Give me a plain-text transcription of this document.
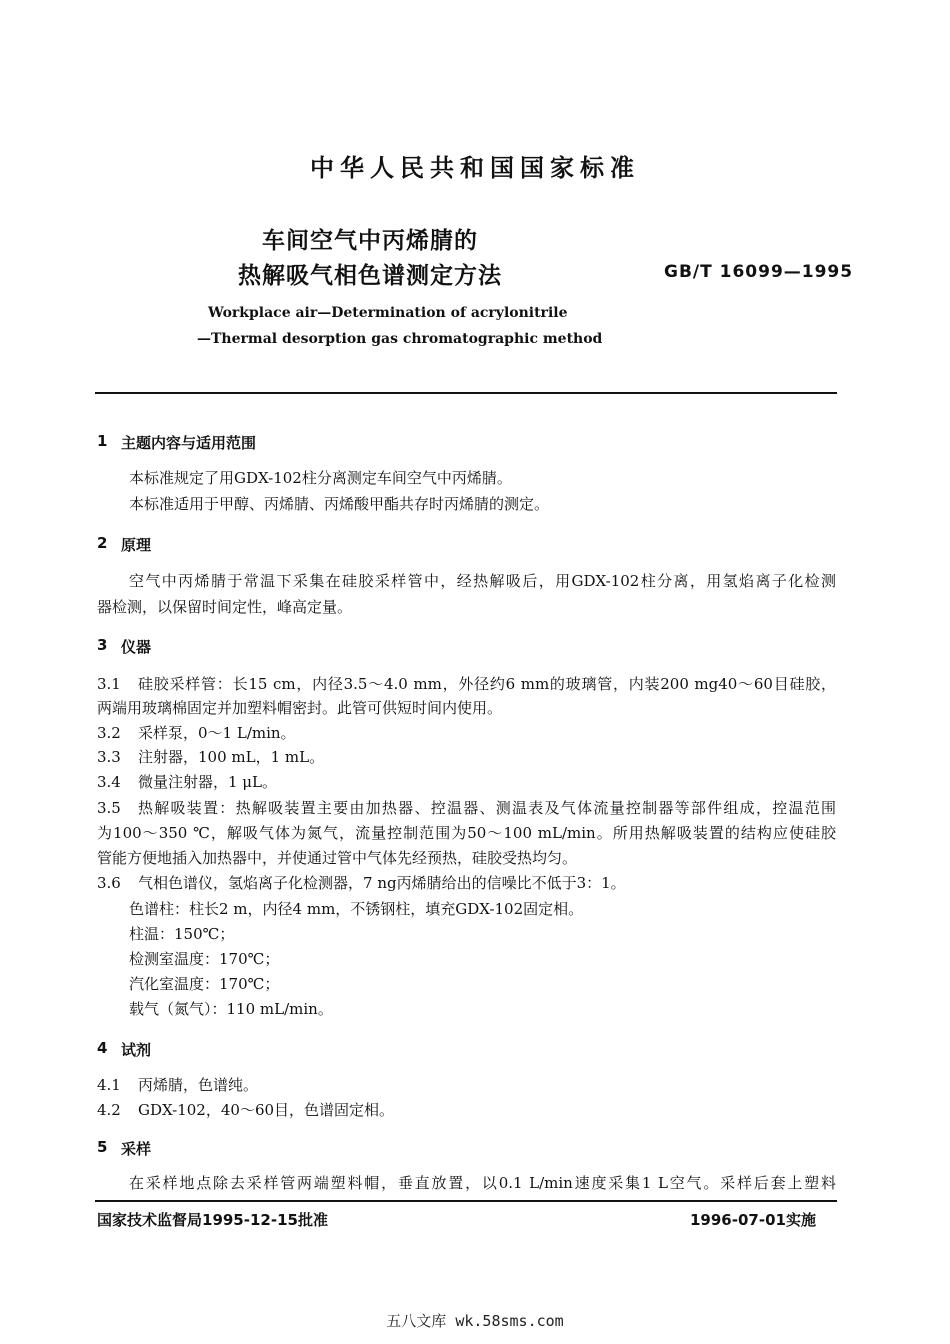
中华人民共和国国家标准
车间空气中丙烯腈的
热解吸气相色谱测定方法	GB/T 16099—1995
Workplace air—Determination of acrylonitrile
—Thermal desorption gas chromatographic method
1 主题内容与适用范围
本标准规定了用GDX-102柱分离测定车间空气中丙烯腈。
本标准适用于甲醇、丙烯腈、丙烯酸甲酯共存时丙烯腈的测定。
2 原理
空气中丙烯腈于常温下采集在硅胶采样管中，经热解吸后，用GDX-102柱分离，用氢焰离子化检测
器检测，以保留时间定性，峰高定量。
3 仪器
3.1 硅胶采样管：长15 cm，内径3.5～4.0 mm，外径约6 mm的玻璃管，内装200 mg40～60目硅胶，
两端用玻璃棉固定并加塑料帽密封。此管可供短时间内使用。
3.2 采样泵，0～1 L/min。
3.3 注射器，100 mL，1 mL。
3.4 微量注射器，1 μL。
3.5 热解吸装置：热解吸装置主要由加热器、控温器、测温表及气体流量控制器等部件组成，控温范围
为100～350 ℃，解吸气体为氮气，流量控制范围为50～100 mL/min。所用热解吸装置的结构应使硅胶
管能方便地插入加热器中，并使通过管中气体先经预热，硅胶受热均匀。
3.6 气相色谱仪，氢焰离子化检测器，7 ng丙烯腈给出的信噪比不低于3：1。
色谱柱：柱长2 m，内径4 mm，不锈钢柱，填充GDX-102固定相。
柱温：150℃；
检测室温度：170℃；
汽化室温度：170℃；
载气（氮气）：110 mL/min。
4 试剂
4.1 丙烯腈，色谱纯。
4.2 GDX-102，40～60目，色谱固定相。
5 采样
在采样地点除去采样管两端塑料帽，垂直放置，以0.1 L/min速度采集1 L空气。采样后套上塑料
国家技术监督局1995-12-15批准	1996-07-01实施
五八文库 wk.58sms.com
